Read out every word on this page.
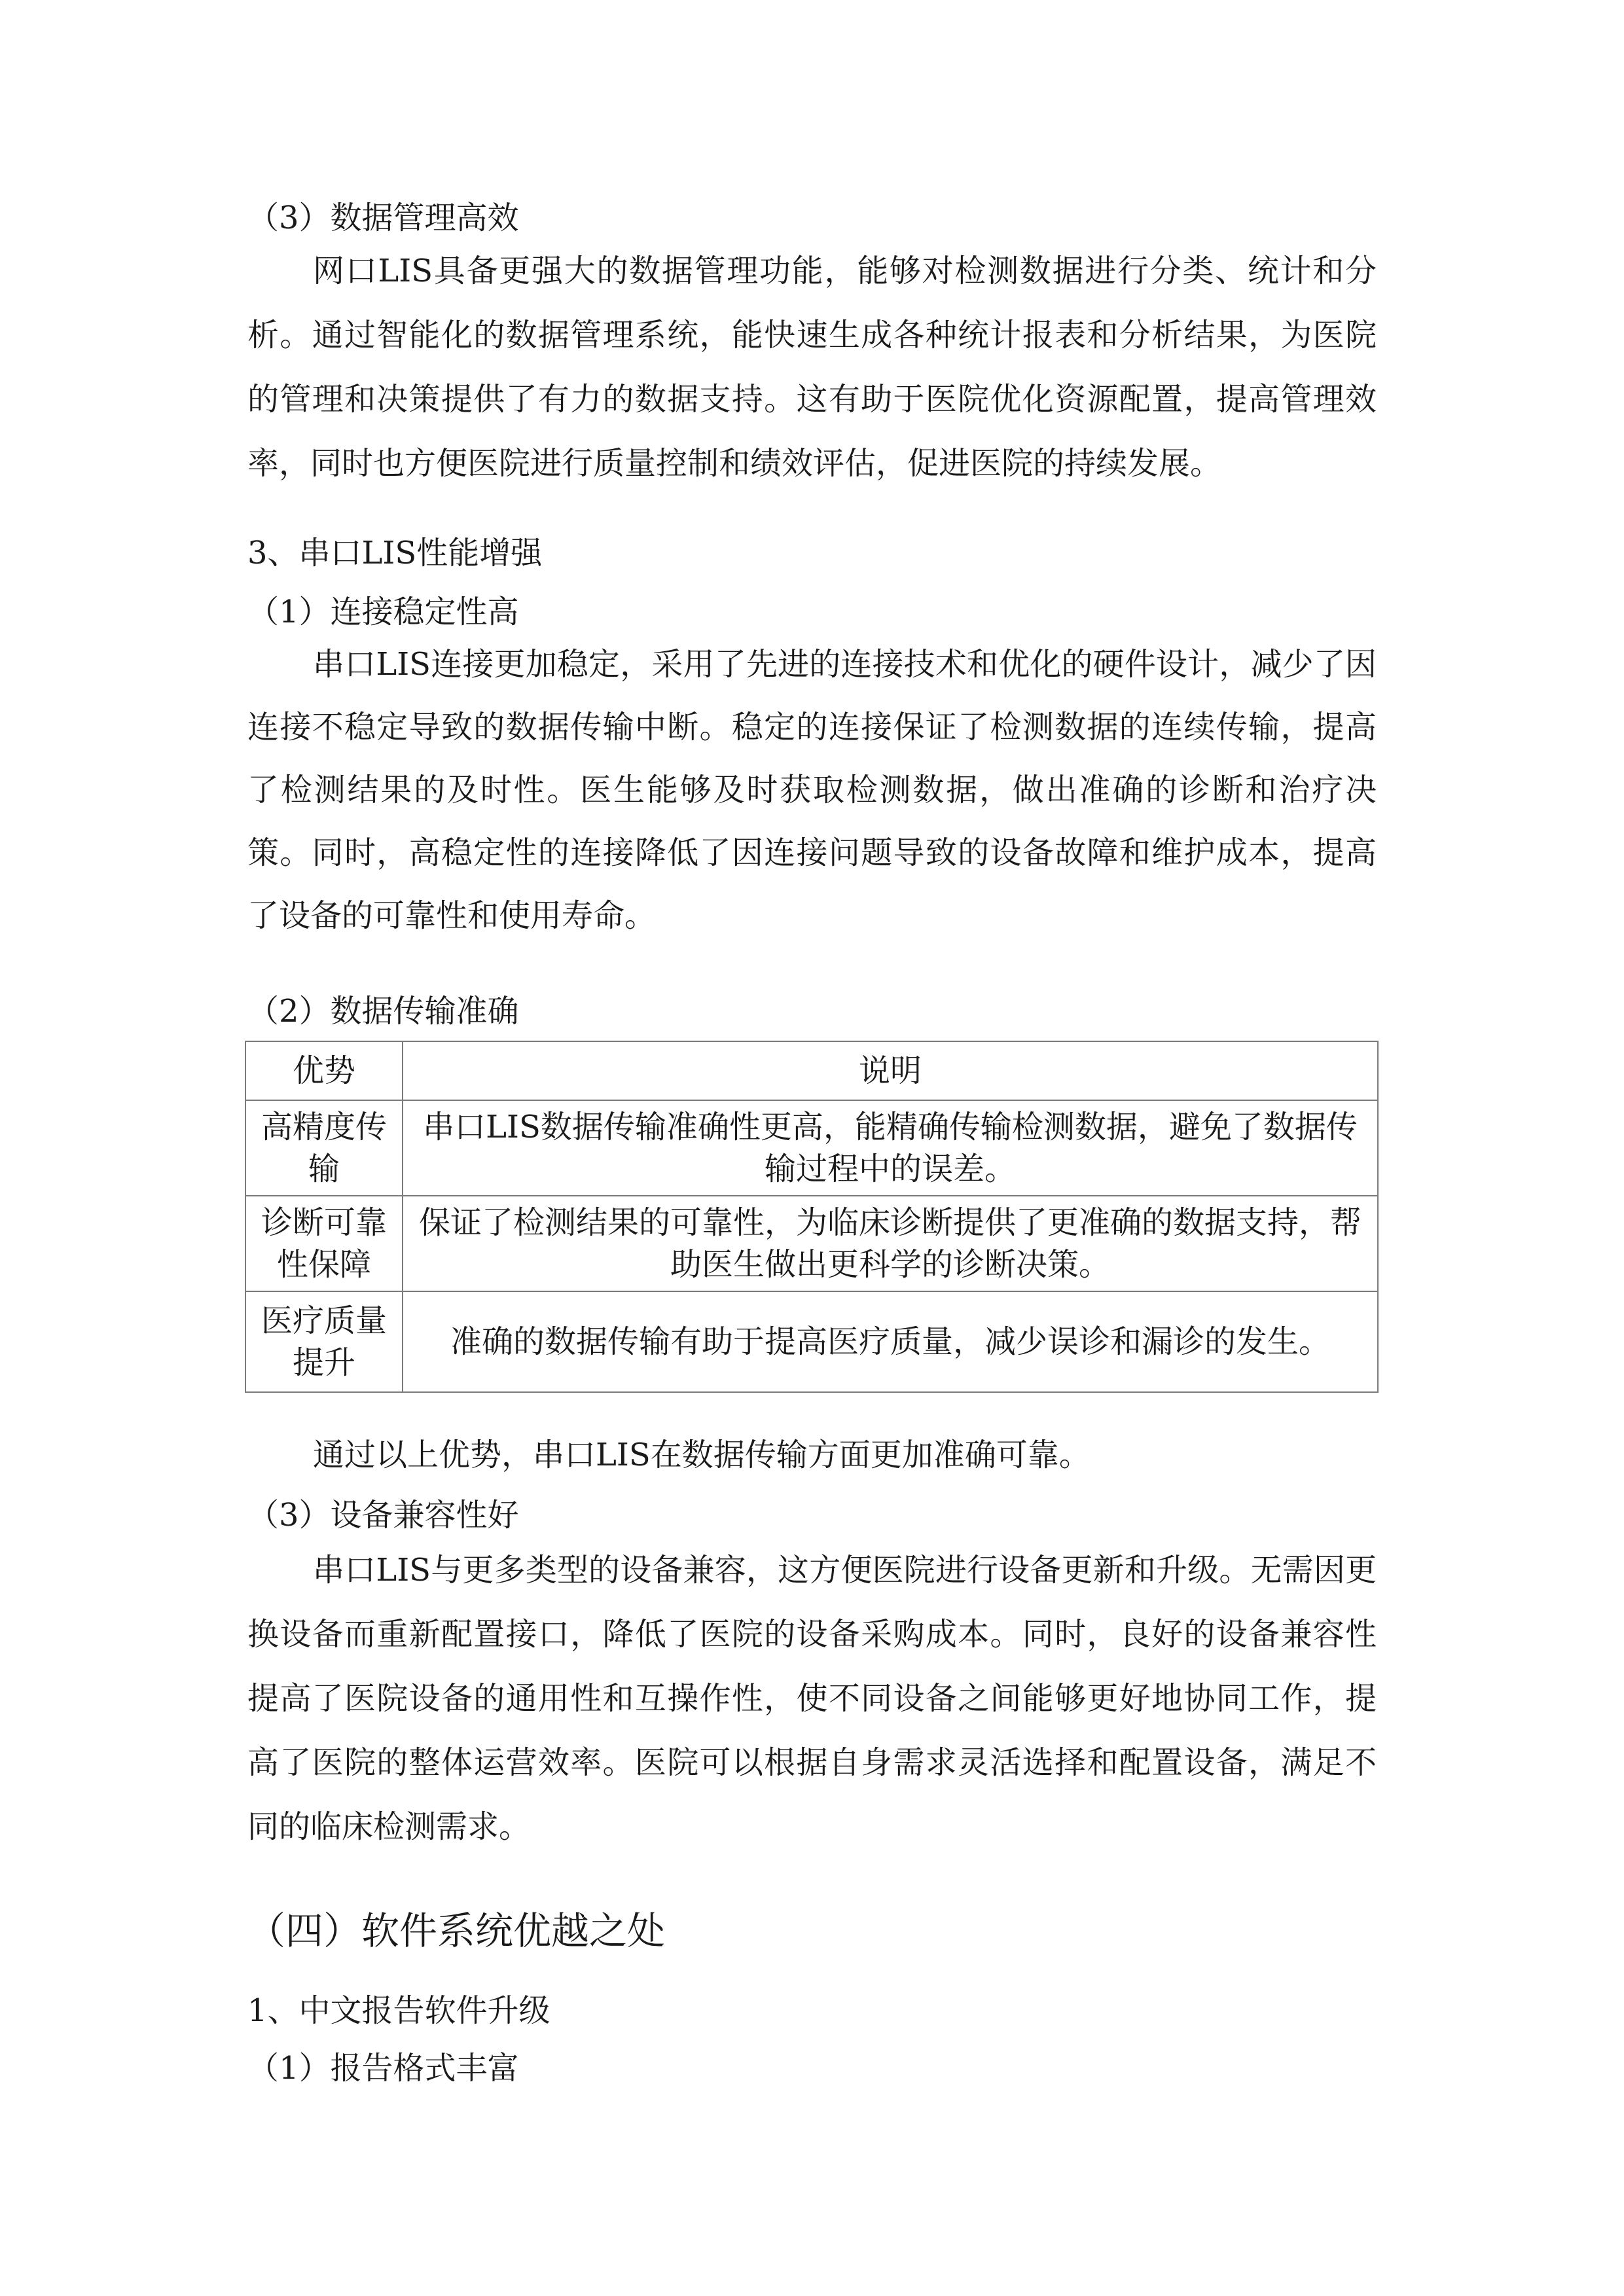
（3）数据管理高效

网口LIS具备更强大的数据管理功能，能够对检测数据进行分类、统计和分析。通过智能化的数据管理系统，能快速生成各种统计报表和分析结果，为医院的管理和决策提供了有力的数据支持。这有助于医院优化资源配置，提高管理效率，同时也方便医院进行质量控制和绩效评估，促进医院的持续发展。

3、串口LIS性能增强
（1）连接稳定性高

串口LIS连接更加稳定，采用了先进的连接技术和优化的硬件设计，减少了因连接不稳定导致的数据传输中断。稳定的连接保证了检测数据的连续传输，提高了检测结果的及时性。医生能够及时获取检测数据，做出准确的诊断和治疗决策。同时，高稳定性的连接降低了因连接问题导致的设备故障和维护成本，提高了设备的可靠性和使用寿命。

（2）数据传输准确
优势	说明
高精度传输	串口LIS数据传输准确性更高，能精确传输检测数据，避免了数据传输过程中的误差。
诊断可靠性保障	保证了检测结果的可靠性，为临床诊断提供了更准确的数据支持，帮助医生做出更科学的诊断决策。
医疗质量提升	准确的数据传输有助于提高医疗质量，减少误诊和漏诊的发生。
通过以上优势，串口LIS在数据传输方面更加准确可靠。
（3）设备兼容性好

串口LIS与更多类型的设备兼容，这方便医院进行设备更新和升级。无需因更换设备而重新配置接口，降低了医院的设备采购成本。同时，良好的设备兼容性提高了医院设备的通用性和互操作性，使不同设备之间能够更好地协同工作，提高了医院的整体运营效率。医院可以根据自身需求灵活选择和配置设备，满足不同的临床检测需求。

（四）软件系统优越之处
1、中文报告软件升级
（1）报告格式丰富
